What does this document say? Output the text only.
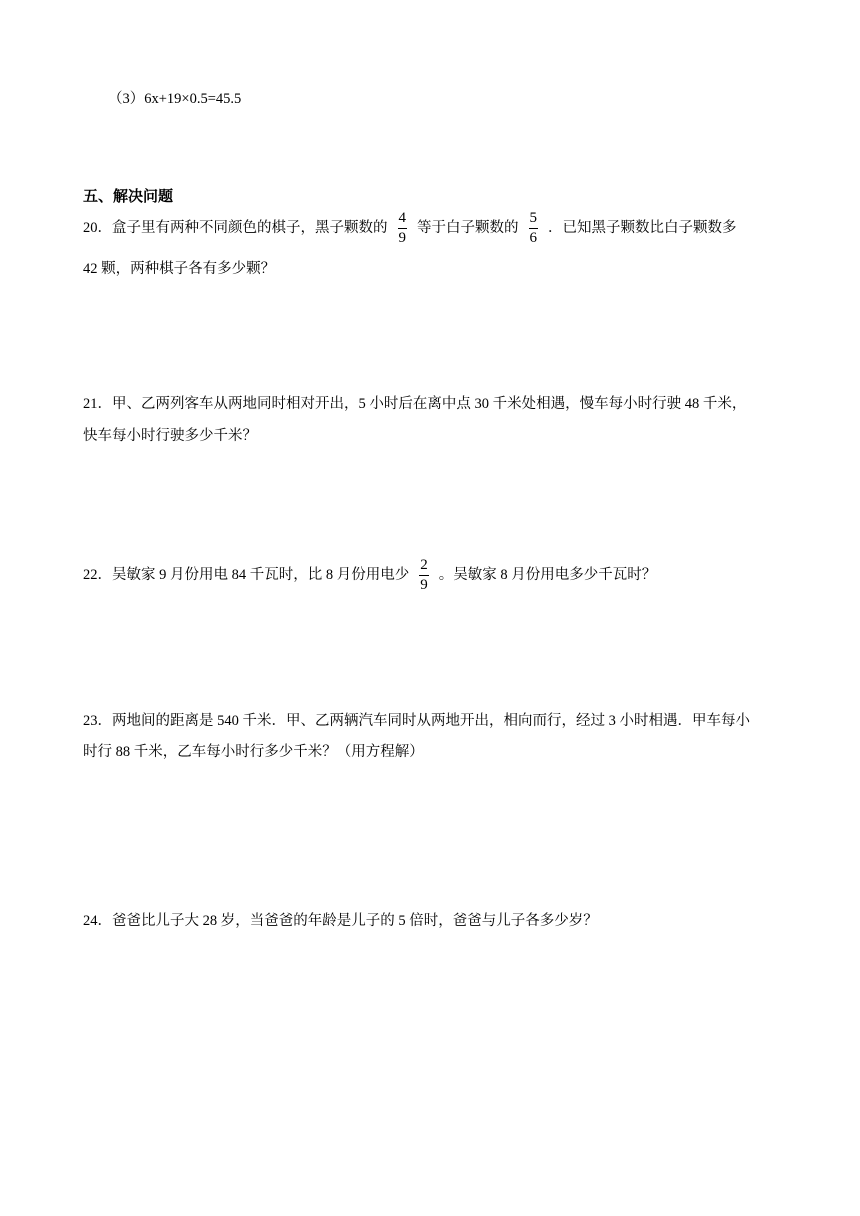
（3）6x+19×0.5=45.5
五、解决问题
20．盒子里有两种不同颜色的棋子，黑子颗数的 $\frac{4}{9}$ 等于白子颗数的 $\frac{5}{6}$ ．已知黑子颗数比白子颗数多
42 颗，两种棋子各有多少颗？
21．甲、乙两列客车从两地同时相对开出，5 小时后在离中点 30 千米处相遇，慢车每小时行驶 48 千米，
快车每小时行驶多少千米？
22．吴敏家 9 月份用电 84 千瓦时，比 8 月份用电少 $\frac{2}{9}$ 。吴敏家 8 月份用电多少千瓦时？
23．两地间的距离是 540 千米．甲、乙两辆汽车同时从两地开出，相向而行，经过 3 小时相遇．甲车每小
时行 88 千米，乙车每小时行多少千米？（用方程解）
24．爸爸比儿子大 28 岁，当爸爸的年龄是儿子的 5 倍时，爸爸与儿子各多少岁？
